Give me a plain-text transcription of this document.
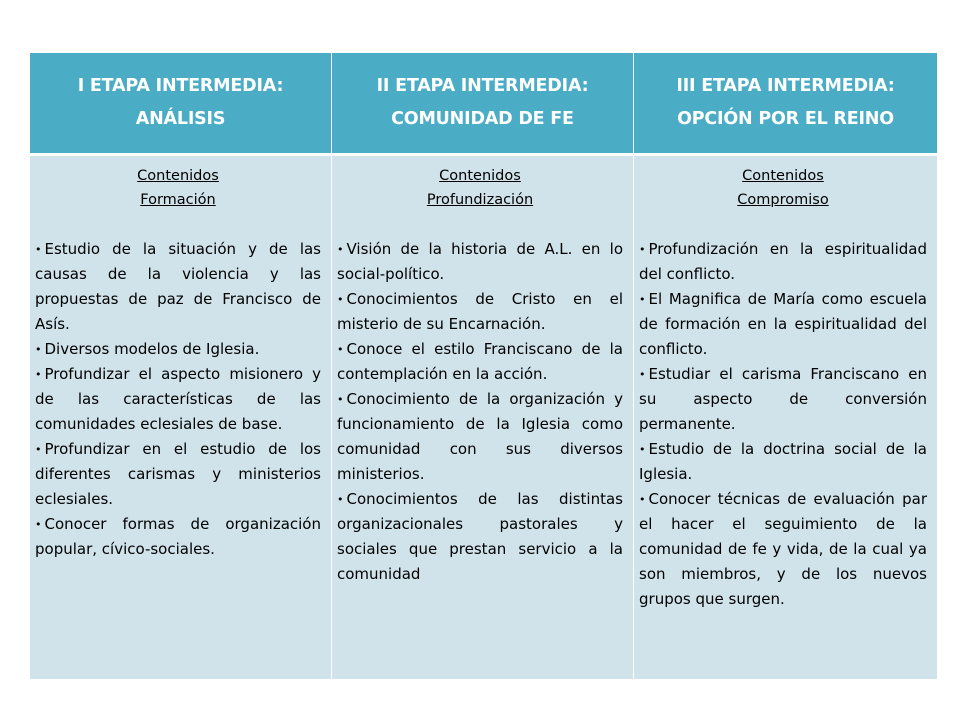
I ETAPA INTERMEDIA:
ANÁLISIS
II ETAPA INTERMEDIA:
COMUNIDAD DE FE
III ETAPA INTERMEDIA:
OPCIÓN POR EL REINO
Contenidos
Formación
• Estudio de la situación y de las causas de la violencia y las propuestas de paz de Francisco de Asís.
• Diversos modelos de Iglesia.
• Profundizar el aspecto misionero y de las características de las comunidades eclesiales de base.
• Profundizar en el estudio de los diferentes carismas y ministerios eclesiales.
• Conocer formas de organización popular, cívico-sociales.
Contenidos
Profundización
• Visión de la historia de A.L. en lo social-político.
• Conocimientos de Cristo en el misterio de su Encarnación.
• Conoce el estilo Franciscano de la contemplación en la acción.
• Conocimiento de la organización y funcionamiento de la Iglesia como comunidad con sus diversos ministerios.
• Conocimientos de las distintas organizacionales pastorales y sociales que prestan servicio a la comunidad
Contenidos
Compromiso
• Profundización en la espiritualidad del conflicto.
• El Magnifica de María como escuela de formación en la espiritualidad del conflicto.
• Estudiar el carisma Franciscano en su aspecto de conversión permanente.
• Estudio de la doctrina social de la Iglesia.
• Conocer técnicas de evaluación par el hacer el seguimiento de la comunidad de fe y vida, de la cual ya son miembros, y de los nuevos grupos que surgen.
